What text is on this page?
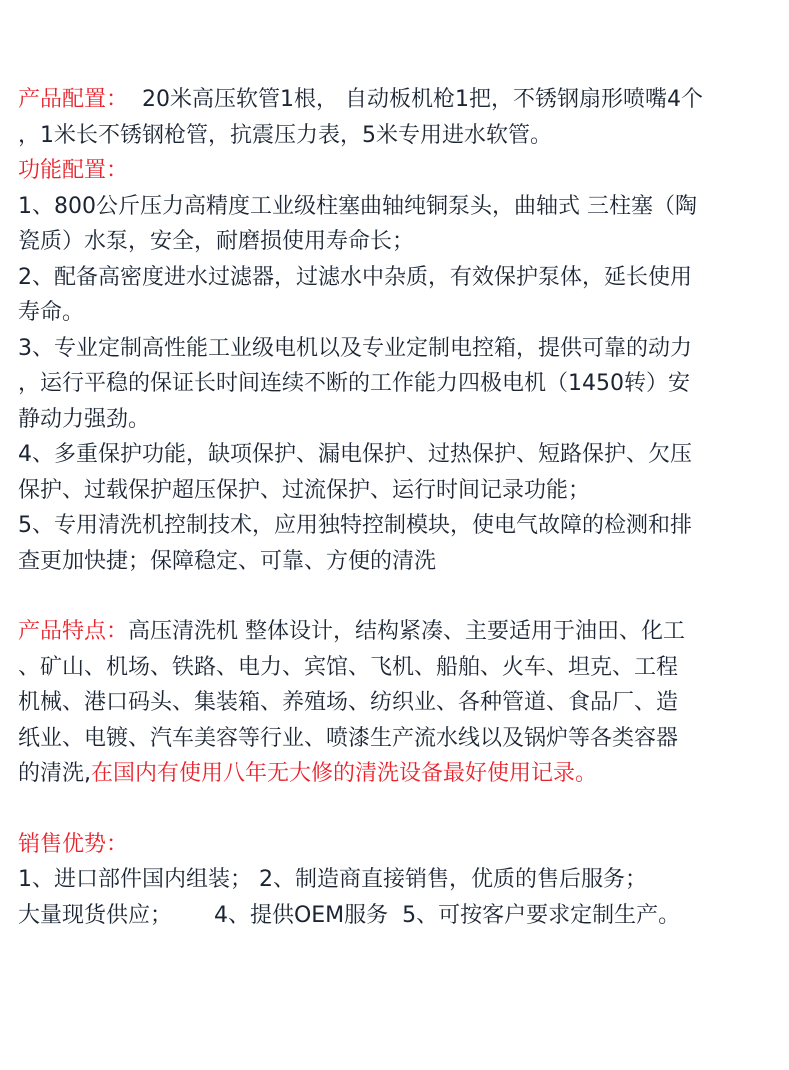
产品配置：  20米高压软管1根， 自动板机枪1把，不锈钢扇形喷嘴4个
，1米长不锈钢枪管，抗震压力表，5米专用进水软管。
功能配置：
1、800公斤压力高精度工业级柱塞曲轴纯铜泵头，曲轴式 三柱塞（陶
瓷质）水泵，安全，耐磨损使用寿命长；
2、配备高密度进水过滤器，过滤水中杂质，有效保护泵体，延长使用
寿命。
3、专业定制高性能工业级电机以及专业定制电控箱，提供可靠的动力
，运行平稳的保证长时间连续不断的工作能力四极电机（1450转）安
静动力强劲。
4、多重保护功能，缺项保护、漏电保护、过热保护、短路保护、欠压
保护、过载保护超压保护、过流保护、运行时间记录功能；
5、专用清洗机控制技术，应用独特控制模块，使电气故障的检测和排
查更加快捷；保障稳定、可靠、方便的清洗
产品特点：高压清洗机 整体设计，结构紧凑、主要适用于油田、化工
、矿山、机场、铁路、电力、宾馆、飞机、船舶、火车、坦克、工程
机械、港口码头、集装箱、养殖场、纺织业、各种管道、食品厂、造
纸业、电镀、汽车美容等行业、喷漆生产流水线以及锅炉等各类容器
的清洗,在国内有使用八年无大修的清洗设备最好使用记录。
销售优势：
1、进口部件国内组装； 2、制造商直接销售，优质的售后服务；
大量现货供应；      4、提供OEM服务  5、可按客户要求定制生产。
